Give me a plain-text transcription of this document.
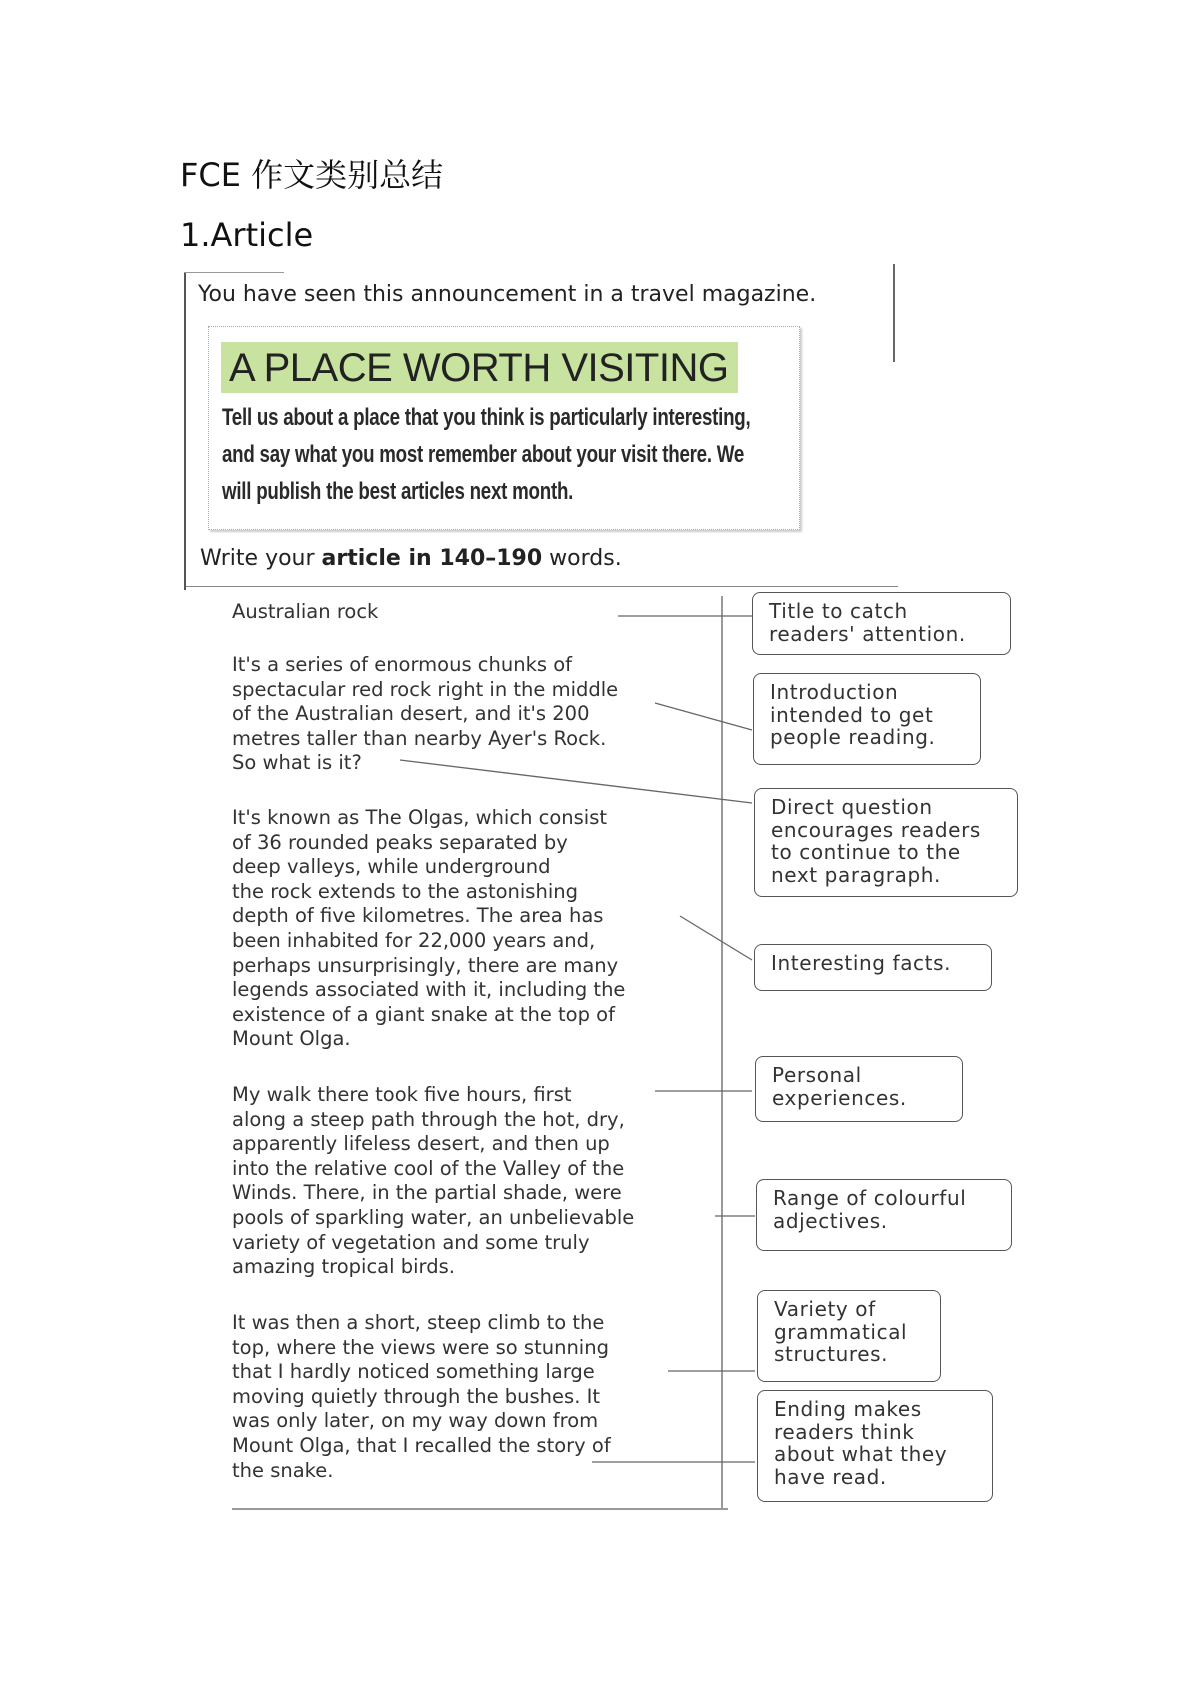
FCE 作文类别总结
1.Article
You have seen this announcement in a travel magazine.
A PLACE WORTH VISITING
Tell us about a place that you think is particularly interesting,
and say what you most remember about your visit there. We
will publish the best articles next month.
Write your article in 140–190 words.
Australian rock
It's a series of enormous chunks of
spectacular red rock right in the middle
of the Australian desert, and it's 200
metres taller than nearby Ayer's Rock.
So what is it?
It's known as The Olgas, which consist
of 36 rounded peaks separated by
deep valleys, while underground
the rock extends to the astonishing
depth of five kilometres. The area has
been inhabited for 22,000 years and,
perhaps unsurprisingly, there are many
legends associated with it, including the
existence of a giant snake at the top of
Mount Olga.
My walk there took five hours, first
along a steep path through the hot, dry,
apparently lifeless desert, and then up
into the relative cool of the Valley of the
Winds. There, in the partial shade, were
pools of sparkling water, an unbelievable
variety of vegetation and some truly
amazing tropical birds.
It was then a short, steep climb to the
top, where the views were so stunning
that I hardly noticed something large
moving quietly through the bushes. It
was only later, on my way down from
Mount Olga, that I recalled the story of
the snake.
Title to catch
readers' attention.
Introduction
intended to get
people reading.
Direct question
encourages readers
to continue to the
next paragraph.
Interesting facts.
Personal
experiences.
Range of colourful
adjectives.
Variety of
grammatical
structures.
Ending makes
readers think
about what they
have read.
